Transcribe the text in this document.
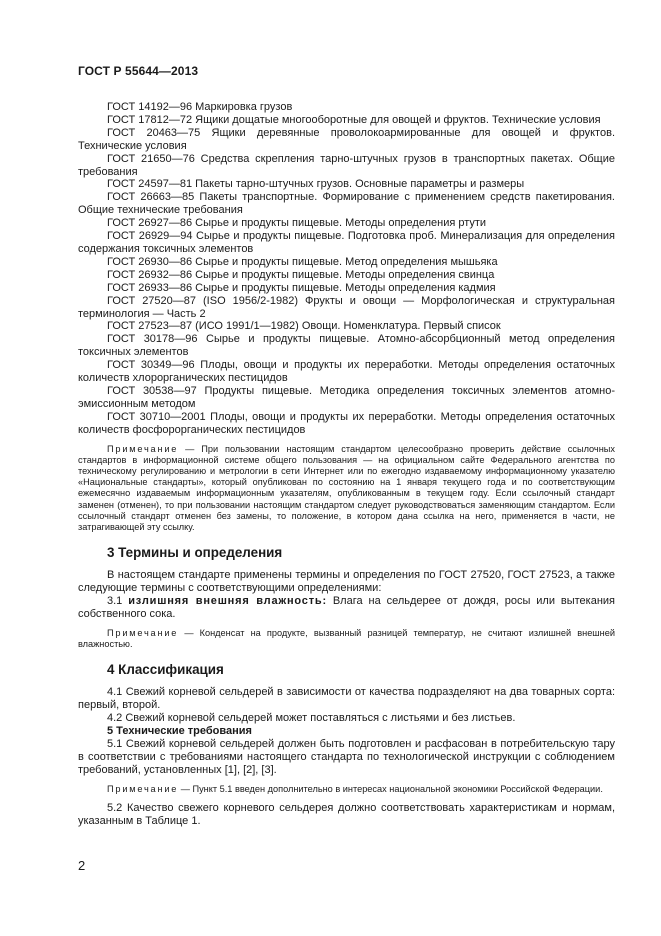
ГОСТ Р 55644—2013

ГОСТ 14192—96 Маркировка грузов

ГОСТ 17812—72 Ящики дощатые многооборотные для овощей и фруктов. Технические условия

ГОСТ 20463—75 Ящики деревянные проволокоармированные для овощей и фруктов. Технические условия

ГОСТ 21650—76 Средства скрепления тарно-штучных грузов в транспортных пакетах. Общие требования

ГОСТ 24597—81 Пакеты тарно-штучных грузов. Основные параметры и размеры

ГОСТ 26663—85 Пакеты транспортные. Формирование с применением средств пакетирования. Общие технические требования

ГОСТ 26927—86 Сырье и продукты пищевые. Методы определения ртути

ГОСТ 26929—94 Сырье и продукты пищевые. Подготовка проб. Минерализация для определения содержания токсичных элементов

ГОСТ 26930—86 Сырье и продукты пищевые. Метод определения мышьяка

ГОСТ 26932—86 Сырье и продукты пищевые. Методы определения свинца

ГОСТ 26933—86 Сырье и продукты пищевые. Методы определения кадмия

ГОСТ 27520—87 (ISO 1956/2-1982) Фрукты и овощи — Морфологическая и структуральная терминология — Часть 2

ГОСТ 27523—87 (ИСО 1991/1—1982) Овощи. Номенклатура. Первый список

ГОСТ 30178—96 Сырье и продукты пищевые. Атомно-абсорбционный метод определения токсичных элементов

ГОСТ 30349—96 Плоды, овощи и продукты их переработки. Методы определения остаточных количеств хлорорганических пестицидов

ГОСТ 30538—97 Продукты пищевые. Методика определения токсичных элементов атомно-эмиссионным методом

ГОСТ 30710—2001 Плоды, овощи и продукты их переработки. Методы определения остаточных количеств фосфорорганических пестицидов

Примечание — При пользовании настоящим стандартом целесообразно проверить действие ссылочных стандартов в информационной системе общего пользования — на официальном сайте Федерального агентства по техническому регулированию и метрологии в сети Интернет или по ежегодно издаваемому информационному указателю «Национальные стандарты», который опубликован по состоянию на 1 января текущего года и по соответствующим ежемесячно издаваемым информационным указателям, опубликованным в текущем году. Если ссылочный стандарт заменен (отменен), то при пользовании настоящим стандартом следует руководствоваться заменяющим стандартом. Если ссылочный стандарт отменен без замены, то положение, в котором дана ссылка на него, применяется в части, не затрагивающей эту ссылку.

3 Термины и определения

В настоящем стандарте применены термины и определения по ГОСТ 27520, ГОСТ 27523, а также следующие термины с соответствующими определениями:

3.1 излишняя внешняя влажность: Влага на сельдерее от дождя, росы или вытекания собственного сока.

Примечание — Конденсат на продукте, вызванный разницей температур, не считают излишней внешней влажностью.

4 Классификация

4.1 Свежий корневой сельдерей в зависимости от качества подразделяют на два товарных сорта: первый, второй.

4.2 Свежий корневой сельдерей может поставляться с листьями и без листьев.

5 Технические требования

5.1 Свежий корневой сельдерей должен быть подготовлен и расфасован в потребительскую тару в соответствии с требованиями настоящего стандарта по технологической инструкции с соблюдением требований, установленных [1], [2], [3].

Примечание — Пункт 5.1 введен дополнительно в интересах национальной экономики Российской Федерации.

5.2 Качество свежего корневого сельдерея должно соответствовать характеристикам и нормам, указанным в Таблице 1.

2
